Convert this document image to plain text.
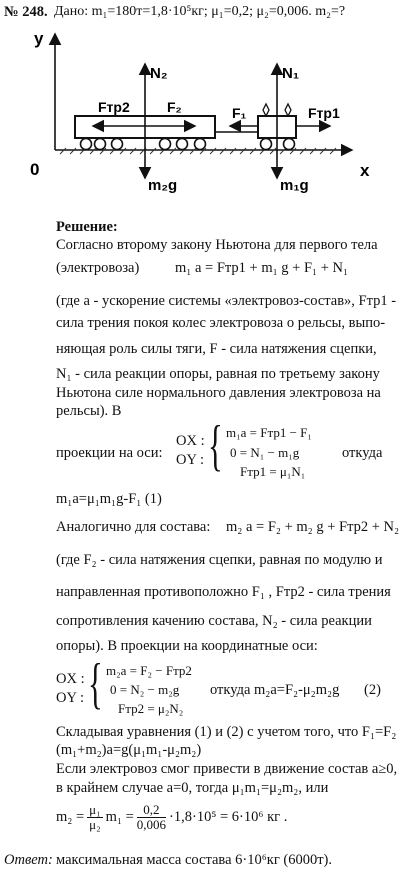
№ 248. Дано: m₁=180т=1,8·10⁵кг; μ₁=0,2; μ₂=0,006. m₂=?
y
x
0
N₂
m₂g
Fтр2	F₂
N₁
m₁g
F₁	Fтр1
Решение:
Согласно второму закону Ньютона для первого тела
(электровоза) m₁ a = Fтр1 + m₁ g + F₁ + N₁
(где a - ускорение системы «электровоз-состав», Fтр1 -
сила трения покоя колес электровоза о рельсы, выпо-
няющая роль силы тяги, F - сила натяжения сцепки,
N₁ - сила реакции опоры, равная по третьему закону
Ньютона силе нормального давления электровоза на
рельсы). В
проекции на оси:
OX :
OY : { m₁a = Fтр1 − F₁
0 = N₁ − m₁g
Fтр1 = μ₁N₁
откуда
m₁a=μ₁m₁g-F₁ (1)
Аналогично для состава: m₂ a = F₂ + m₂ g + Fтр2 + N₂
(где F₂ - сила натяжения сцепки, равная по модулю и
направленная противоположно F₁ , Fтр2 - сила трения
сопротивления качению состава, N₂ - сила реакции
опоры). В проекции на координатные оси:
OX :
OY : { m₂a = F₂ − Fтр2
0 = N₂ − m₂g
Fтр2 = μ₂N₂
откуда m₂a=F₂-μ₂m₂g (2)
Складывая уравнения (1) и (2) с учетом того, что F₁=F₂
(m₁+m₂)a=g(μ₁m₁-μ₂m₂)
Если электровоз смог привести в движение состав a≥0,
в крайнем случае a=0, тогда μ₁m₁=μ₂m₂, или
$m_2 = \frac{\text{μ₁}}{\text{μ₂}} m_1 = \frac{0,2}{0,006} \cdot 1,8\cdot 10^5 = 6\cdot 10^6$ кг .
Ответ: максимальная масса состава 6·10⁶кг (6000т).
